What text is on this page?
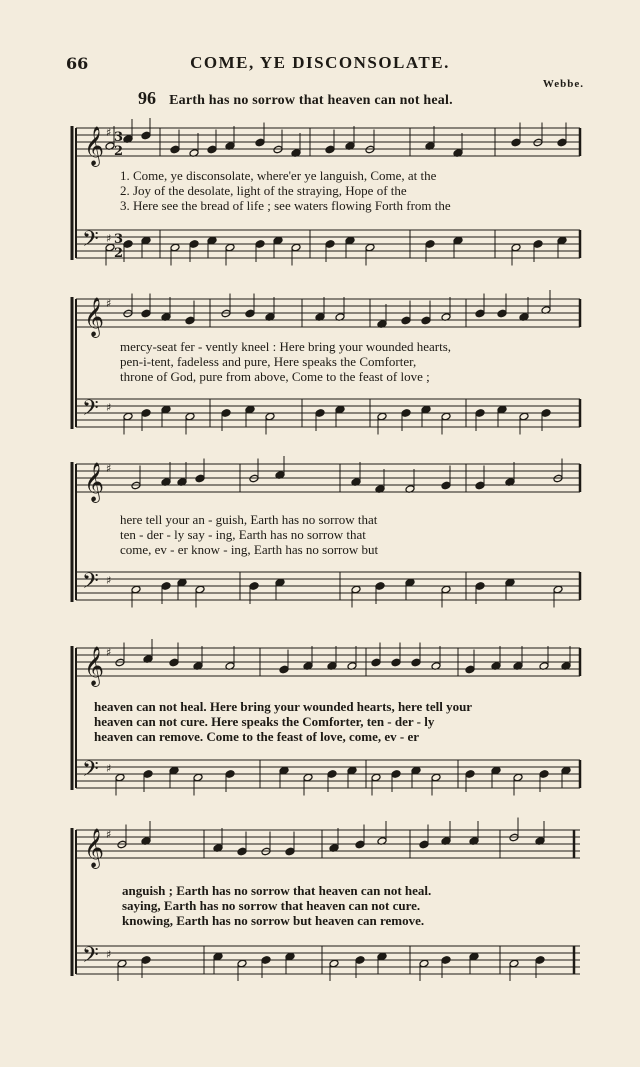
66	COME, YE DISCONSOLATE.
Webbe.
96 Earth has no sorrow that heaven can not heal.
𝄞
𝄢
♯
♯
3
2
3
2
1. Come, ye disconsolate, where'er ye languish, Come, at the
2. Joy of the desolate, light of the straying, Hope of the
3. Here see the bread of life ; see waters flowing Forth from the
𝄞
𝄢
♯
♯
mercy-seat fer - vently kneel : Here bring your wounded hearts,
pen-i-tent, fadeless and pure, Here speaks the Comforter,
throne of God, pure from above, Come to the feast of love ;
𝄞
𝄢
♯
♯
here tell your an - guish, Earth has no sorrow that
ten - der - ly say - ing, Earth has no sorrow that
come, ev - er know - ing, Earth has no sorrow but
𝄞
𝄢
♯
♯
heaven can not heal. Here bring your wounded hearts, here tell your
heaven can not cure. Here speaks the Comforter, ten - der - ly
heaven can remove. Come to the feast of love, come, ev - er
𝄞
𝄢
♯
♯
anguish ; Earth has no sorrow that heaven can not heal.
saying, Earth has no sorrow that heaven can not cure.
knowing, Earth has no sorrow but heaven can remove.
